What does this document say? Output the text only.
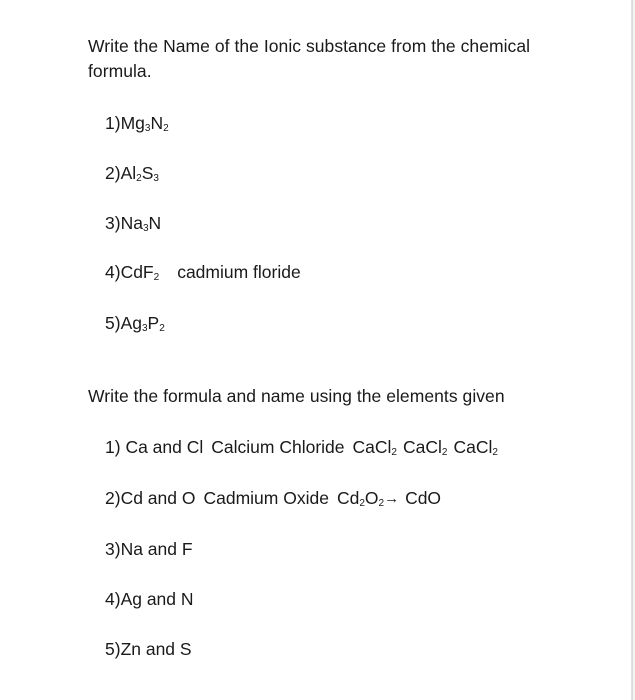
Write the Name of the Ionic substance from the chemical formula.
$1)Mg_3N_2$
$2)Al_2S_3$
$3)Na_3N$
4)CdF$_2$ cadmium floride
$5)Ag_3P_2$
Write the formula and name using the elements given
1) Ca and Cl Calcium Chloride CaCl$_2$ CaCl$_2$ CaCl$_2$
2)Cd and O Cadmium Oxide $Cd_2O_2\to$ CdO
3)Na and F
4)Ag and N
5)Zn and S
